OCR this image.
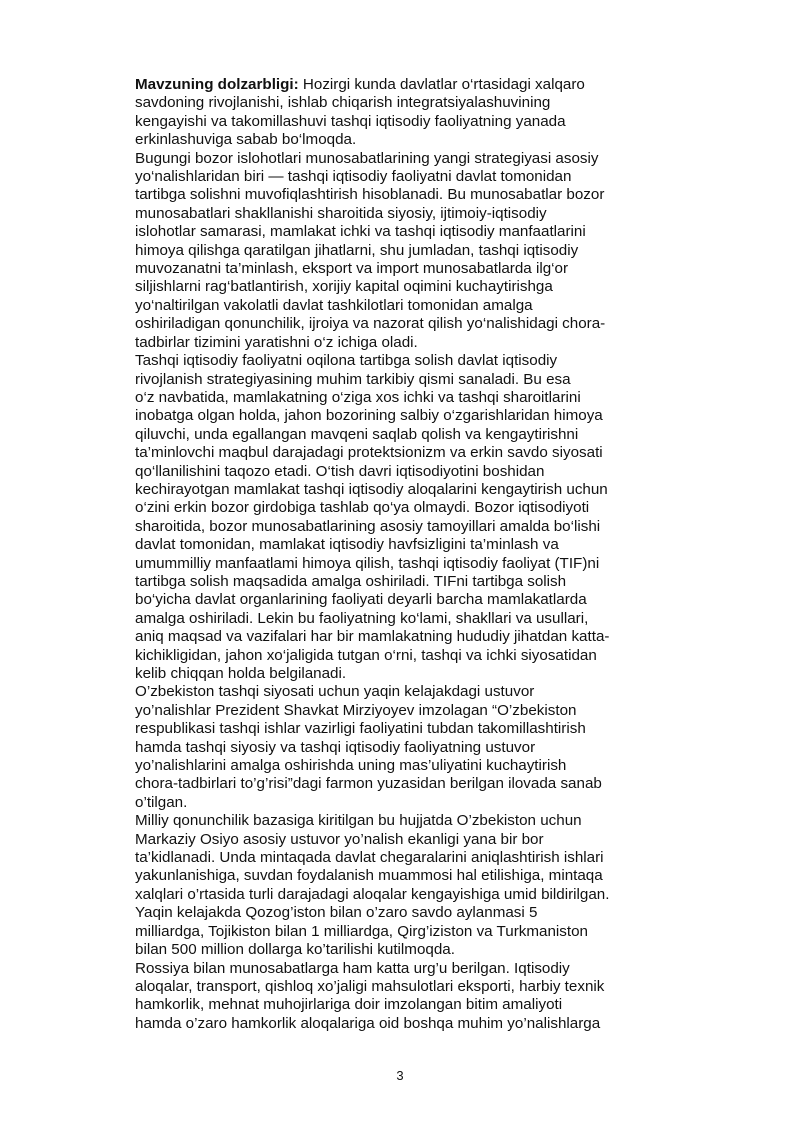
Mavzuning dolzarbligi: Hozirgi kunda davlatlar o‘rtasidagi xalqaro
savdoning rivojlanishi, ishlab chiqarish integratsiyalashuvining
kengayishi va takomillashuvi tashqi iqtisodiy faoliyatning yanada
erkinlashuviga sabab bo‘lmoqda.
Bugungi bozor islohotlari munosabatlarining yangi strategiyasi asosiy
yo‘nalishlaridan biri — tashqi iqtisodiy faoliyatni davlat tomonidan
tartibga solishni muvofiqlashtirish hisoblanadi. Bu munosabatlar bozor
munosabatlari shakllanishi sharoitida siyosiy, ijtimoiy-iqtisodiy
islohotlar samarasi, mamlakat ichki va tashqi iqtisodiy manfaatlarini
himoya qilishga qaratilgan jihatlarni, shu jumladan, tashqi iqtisodiy
muvozanatni ta’minlash, eksport va import munosabatlarda ilg‘or
siljishlarni rag‘batlantirish, xorijiy kapital oqimini kuchaytirishga
yo‘naltirilgan vakolatli davlat tashkilotlari tomonidan amalga
oshiriladigan qonunchilik, ijroiya va nazorat qilish yo‘nalishidagi chora-
tadbirlar tizimini yaratishni o‘z ichiga oladi.
Tashqi iqtisodiy faoliyatni oqilona tartibga solish davlat iqtisodiy
rivojlanish strategiyasining muhim tarkibiy qismi sanaladi. Bu esa
o‘z navbatida, mamlakatning o‘ziga xos ichki va tashqi sharoitlarini
inobatga olgan holda, jahon bozorining salbiy o‘zgarishlaridan himoya
qiluvchi, unda egallangan mavqeni saqlab qolish va kengaytirishni
ta’minlovchi maqbul darajadagi protektsionizm va erkin savdo siyosati
qo‘llanilishini taqozo etadi. O‘tish davri iqtisodiyotini boshidan
kechirayotgan mamlakat tashqi iqtisodiy aloqalarini kengaytirish uchun
o‘zini erkin bozor girdobiga tashlab qo‘ya olmaydi. Bozor iqtisodiyoti
sharoitida, bozor munosabatlarining asosiy tamoyillari amalda bo‘lishi
davlat tomonidan, mamlakat iqtisodiy havfsizligini ta’minlash va
umummilliy manfaatlami himoya qilish, tashqi iqtisodiy faoliyat (TIF)ni
tartibga solish maqsadida amalga oshiriladi. TIFni tartibga solish
bo‘yicha davlat organlarining faoliyati deyarli barcha mamlakatlarda
amalga oshiriladi. Lekin bu faoliyatning ko‘lami, shakllari va usullari,
aniq maqsad va vazifalari har bir mamlakatning hududiy jihatdan katta-
kichikligidan, jahon xo‘jaligida tutgan o‘rni, tashqi va ichki siyosatidan
kelib chiqqan holda belgilanadi.
O’zbekiston tashqi siyosati uchun yaqin kelajakdagi ustuvor
yo’nalishlar Prezident Shavkat Mirziyoyev imzolagan “O’zbekiston
respublikasi tashqi ishlar vazirligi faoliyatini tubdan takomillashtirish
hamda tashqi siyosiy va tashqi iqtisodiy faoliyatning ustuvor
yo’nalishlarini amalga oshirishda uning mas’uliyatini kuchaytirish
chora-tadbirlari to’g’risi”dagi farmon yuzasidan berilgan ilovada sanab
o’tilgan.
Milliy qonunchilik bazasiga kiritilgan bu hujjatda O’zbekiston uchun
Markaziy Osiyo asosiy ustuvor yo’nalish ekanligi yana bir bor
ta’kidlanadi. Unda mintaqada davlat chegaralarini aniqlashtirish ishlari
yakunlanishiga, suvdan foydalanish muammosi hal etilishiga, mintaqa
xalqlari o’rtasida turli darajadagi aloqalar kengayishiga umid bildirilgan.
Yaqin kelajakda Qozog’iston bilan o’zaro savdo aylanmasi 5
milliardga, Tojikiston bilan 1 milliardga, Qirg’iziston va Turkmaniston
bilan 500 million dollarga ko’tarilishi kutilmoqda.
Rossiya bilan munosabatlarga ham katta urg’u berilgan. Iqtisodiy
aloqalar, transport, qishloq xo’jaligi mahsulotlari eksporti, harbiy texnik
hamkorlik, mehnat muhojirlariga doir imzolangan bitim amaliyoti
hamda o’zaro hamkorlik aloqalariga oid boshqa muhim yo’nalishlarga
3
